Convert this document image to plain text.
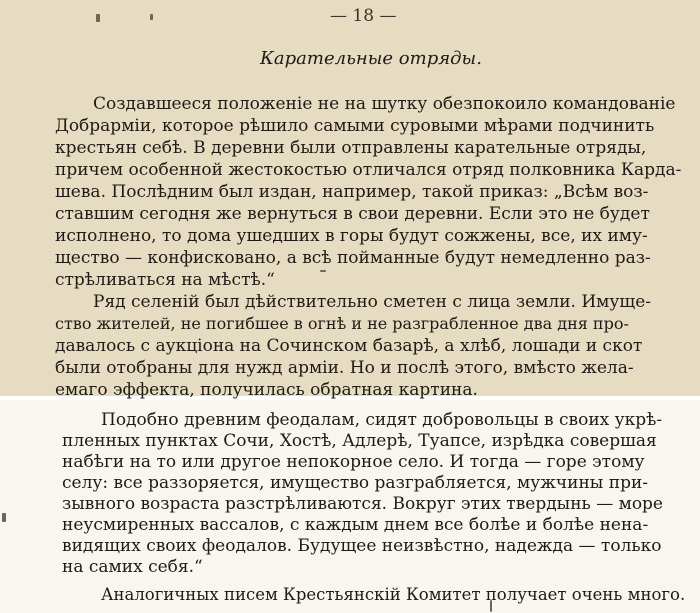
— 18 —
Карательные отряды.
Создавшееся положенie не на шутку обезпокоило командованie
Добрармiи, которое рѣшило самыми суровыми мѣрами подчинить
крестьян себѣ. В деревни были отправлены карательные отряды,
причем особенной жестокостью отличался отряд полковника Карда-
шева. Послѣдним был издан, например, такой приказ: „Всѣм воз-
ставшим сегодня же вернуться в свои деревни. Если это не будет
исполнено, то дома ушедших в горы будут сожжены, все, их иму-
щество — конфисковано, а всѣ пойманные будут немедленно раз-
стрѣливаться на мѣстѣ.“
Ряд селенiй был дѣйствительно сметен с лица земли. Имуще-
ство жителей, не погибшее в огнѣ и не разграбленное два дня про-
давалось с аукцiона на Сочинском базарѣ, а хлѣб, лошади и скот
были отобраны для нужд армiи. Но и послѣ этого, вмѣсто жела-
емаго эффекта, получилась обратная картина.
Подобно древним феодалам, сидят добровольцы в своих укрѣ-
пленных пунктах Сочи, Хостѣ, Адлерѣ, Туапсе, изрѣдка совершая
набѣги на то или другое непокорное село. И тогда — горе этому
селу: все раззоряется, имущество разграбляется, мужчины при-
зывного возраста разстрѣливаются. Вокруг этих твердынь — море
неусмиренных вассалов, с каждым днем все болѣе и болѣе нена-
видящих своих феодалов. Будущее неизвѣстно, надежда — только
на самих себя.“
Аналогичных писем Крестьянскiй Комитет получает очень много.
